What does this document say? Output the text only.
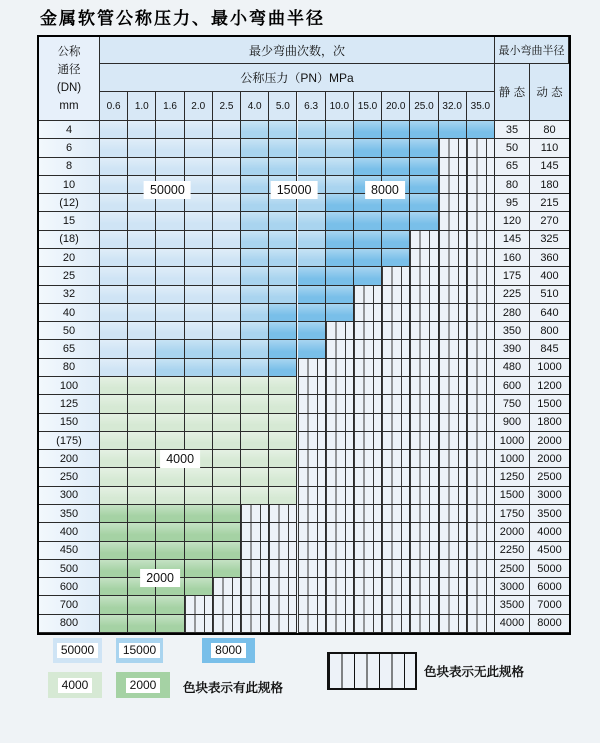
金属软管公称压力、最小弯曲半径
公称
通径
(DN)
mm
最少弯曲次数，次	最小弯曲半径
公称压力（PN）MPa
静 态 动 态
0.6	1.0	1.6	2.0	2.5	4.0	5.0	6.3	10.0 15.0 20.0 25.0 32.0 35.0
4	35	80
6	50	110
8	65	145
10	80	180
(12)	95	215
15	120	270
(18)	145	325
20	160	360
25	175	400
32	225	510
40	280	640
50	350	800
65	390	845
80	480	1000
100	600	1200
125	750	1500
150	900	1800
(175)	1000	2000
200	1000	2000
250	1250	2500
300	1500	3000
350	1750	3500
400	2000	4000
450	2250	4500
500	2500	5000
600	3000	6000
700	3500	7000
800	4000	8000
50000	15000	8000
4000
2000
50000	15000	8000
4000	2000	色块表示有此规格
色块表示无此规格
